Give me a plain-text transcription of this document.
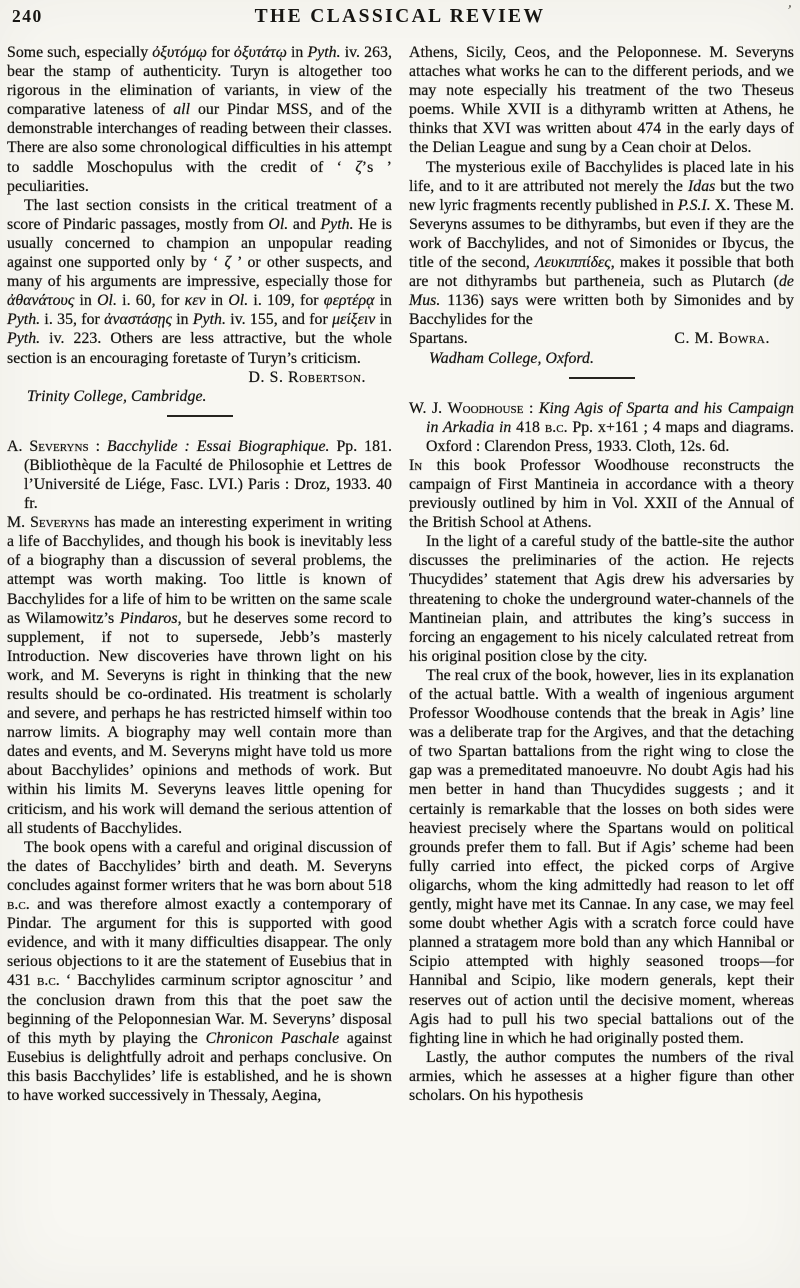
240	THE CLASSICAL REVIEW	’
Some such, especially ὀξυτόμῳ for ὀξυτάτῳ in Pyth. iv. 263, bear the stamp of authenticity. Turyn is altogether too rigorous in the elimination of variants, in view of the comparative lateness of all our Pindar MSS, and of the demonstrable interchanges of reading between their classes. There are also some chronological difficulties in his attempt to saddle Moschopulus with the credit of ‘ ζ’s ’ peculiarities.
The last section consists in the critical treatment of a score of Pindaric passages, mostly from Ol. and Pyth. He is usually concerned to champion an unpopular reading against one supported only by ‘ ζ ’ or other suspects, and many of his arguments are impressive, especially those for ἀθανάτους in Ol. i. 60, for κεν in Ol. i. 109, for φερτέρᾳ in Pyth. i. 35, for ἀναστάσῃς in Pyth. iv. 155, and for μείξειν in Pyth. iv. 223. Others are less attractive, but the whole section is an encouraging foretaste of Turyn’s criticism.
D. S. Robertson.
Trinity College, Cambridge.
A. Severyns : Bacchylide : Essai Biographique. Pp. 181. (Bibliothèque de la Faculté de Philosophie et Lettres de l’Université de Liége, Fasc. LVI.) Paris : Droz, 1933. 40 fr.
M. Severyns has made an interesting experiment in writing a life of Bacchylides, and though his book is inevitably less of a biography than a discussion of several problems, the attempt was worth making. Too little is known of Bacchylides for a life of him to be written on the same scale as Wilamowitz’s Pindaros, but he deserves some record to supplement, if not to supersede, Jebb’s masterly Introduction. New discoveries have thrown light on his work, and M. Severyns is right in thinking that the new results should be co-ordinated. His treatment is scholarly and severe, and perhaps he has restricted himself within too narrow limits. A biography may well contain more than dates and events, and M. Severyns might have told us more about Bacchylides’ opinions and methods of work. But within his limits M. Severyns leaves little opening for criticism, and his work will demand the serious attention of all students of Bacchylides.
The book opens with a careful and original discussion of the dates of Bacchylides’ birth and death. M. Severyns concludes against former writers that he was born about 518 b.c. and was therefore almost exactly a contemporary of Pindar. The argument for this is supported with good evidence, and with it many difficulties disappear. The only serious objections to it are the statement of Eusebius that in 431 b.c. ‘ Bacchylides carminum scriptor agnoscitur ’ and the conclusion drawn from this that the poet saw the beginning of the Peloponnesian War. M. Severyns’ disposal of this myth by playing the Chronicon Paschale against Eusebius is delightfully adroit and perhaps conclusive. On this basis Bacchylides’ life is established, and he is shown to have worked successively in Thessaly, Aegina,
Athens, Sicily, Ceos, and the Peloponnese. M. Severyns attaches what works he can to the different periods, and we may note especially his treatment of the two Theseus poems. While XVII is a dithyramb written at Athens, he thinks that XVI was written about 474 in the early days of the Delian League and sung by a Cean choir at Delos.
The mysterious exile of Bacchylides is placed late in his life, and to it are attributed not merely the Idas but the two new lyric fragments recently published in P.S.I. X. These M. Severyns assumes to be dithyrambs, but even if they are the work of Bacchylides, and not of Simonides or Ibycus, the title of the second, Λευκιππίδες, makes it possible that both are not dithyrambs but partheneia, such as Plutarch (de Mus. 1136) says were written both by Simonides and by Bacchylides for the
Spartans.	C. M. Bowra.
Wadham College, Oxford.
W. J. Woodhouse : King Agis of Sparta and his Campaign in Arkadia in 418 b.c. Pp. x+161 ; 4 maps and diagrams. Oxford : Clarendon Press, 1933. Cloth, 12s. 6d.
In this book Professor Woodhouse reconstructs the campaign of First Mantineia in accordance with a theory previously outlined by him in Vol. XXII of the Annual of the British School at Athens.
In the light of a careful study of the battle-site the author discusses the preliminaries of the action. He rejects Thucydides’ statement that Agis drew his adversaries by threatening to choke the underground water-channels of the Mantineian plain, and attributes the king’s success in forcing an engagement to his nicely calculated retreat from his original position close by the city.
The real crux of the book, however, lies in its explanation of the actual battle. With a wealth of ingenious argument Professor Woodhouse contends that the break in Agis’ line was a deliberate trap for the Argives, and that the detaching of two Spartan battalions from the right wing to close the gap was a premeditated manoeuvre. No doubt Agis had his men better in hand than Thucydides suggests ; and it certainly is remarkable that the losses on both sides were heaviest precisely where the Spartans would on political grounds prefer them to fall. But if Agis’ scheme had been fully carried into effect, the picked corps of Argive oligarchs, whom the king admittedly had reason to let off gently, might have met its Cannae. In any case, we may feel some doubt whether Agis with a scratch force could have planned a stratagem more bold than any which Hannibal or Scipio attempted with highly seasoned troops—for Hannibal and Scipio, like modern generals, kept their reserves out of action until the decisive moment, whereas Agis had to pull his two special battalions out of the fighting line in which he had originally posted them.
Lastly, the author computes the numbers of the rival armies, which he assesses at a higher figure than other scholars. On his hypothesis
